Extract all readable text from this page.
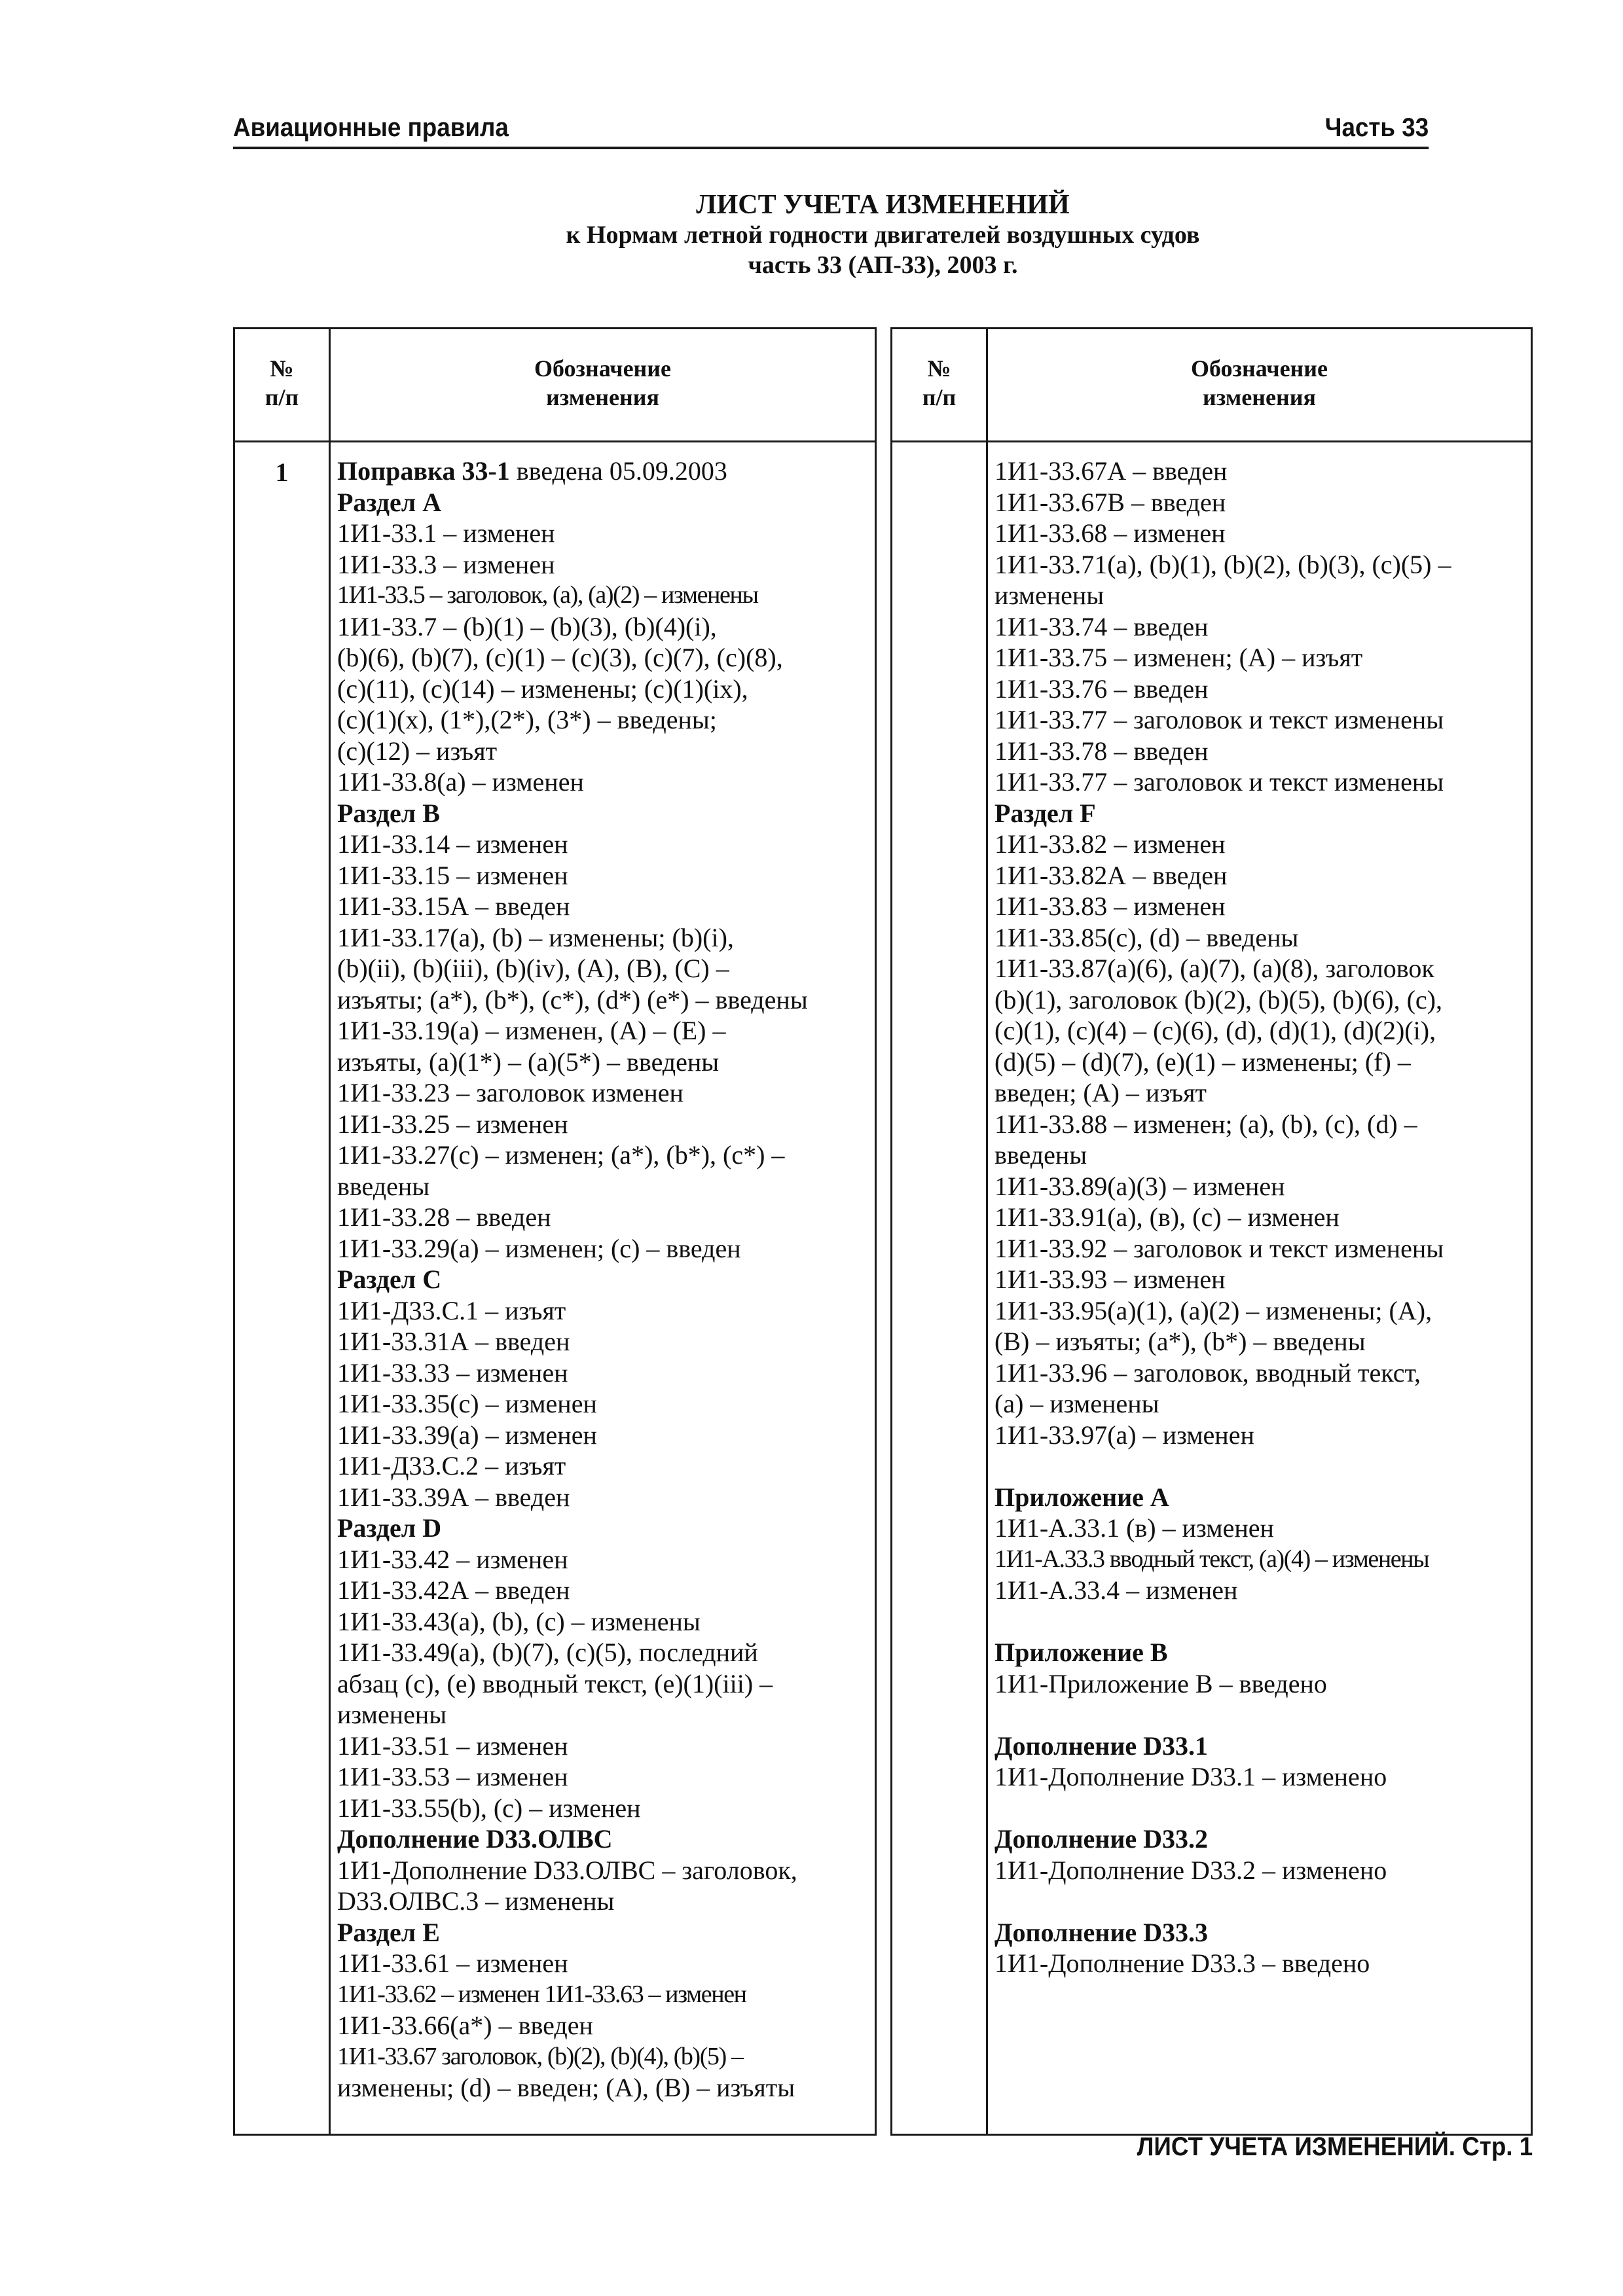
Авиационные правила	Часть 33
ЛИСТ УЧЕТА ИЗМЕНЕНИЙ
к Нормам летной годности двигателей воздушных судов
часть 33 (АП-33), 2003 г.
№
п/п
Обозначение
изменения
1	Поправка 33-1 введена 05.09.2003
Раздел A
1И1-33.1 – изменен
1И1-33.3 – изменен
1И1-33.5 – заголовок, (a), (a)(2) – изменены
1И1-33.7 – (b)(1) – (b)(3), (b)(4)(i),
(b)(6), (b)(7), (c)(1) – (c)(3), (c)(7), (c)(8),
(c)(11), (c)(14) – изменены; (c)(1)(ix),
(c)(1)(x), (1*),(2*), (3*) – введены;
(c)(12) – изъят
1И1-33.8(a) – изменен
Раздел B
1И1-33.14 – изменен
1И1-33.15 – изменен
1И1-33.15А – введен
1И1-33.17(a), (b) – изменены; (b)(i),
(b)(ii), (b)(iii), (b)(iv), (A), (B), (C) –
изъяты; (a*), (b*), (c*), (d*) (e*) – введены
1И1-33.19(a) – изменен, (A) – (E) –
изъяты, (a)(1*) – (a)(5*) – введены
1И1-33.23 – заголовок изменен
1И1-33.25 – изменен
1И1-33.27(c) – изменен; (a*), (b*), (c*) –
введены
1И1-33.28 – введен
1И1-33.29(a) – изменен; (c) – введен
Раздел C
1И1-Д33.С.1 – изъят
1И1-33.31А – введен
1И1-33.33 – изменен
1И1-33.35(c) – изменен
1И1-33.39(a) – изменен
1И1-Д33.С.2 – изъят
1И1-33.39А – введен
Раздел D
1И1-33.42 – изменен
1И1-33.42А – введен
1И1-33.43(a), (b), (c) – изменены
1И1-33.49(a), (b)(7), (c)(5), последний
абзац (c), (e) вводный текст, (e)(1)(iii) –
изменены
1И1-33.51 – изменен
1И1-33.53 – изменен
1И1-33.55(b), (c) – изменен
Дополнение D33.ОЛВС
1И1-Дополнение D33.ОЛВС – заголовок,
D33.ОЛВС.3 – изменены
Раздел E
1И1-33.61 – изменен
1И1-33.62 – изменен 1И1-33.63 – изменен
1И1-33.66(a*) – введен
1И1-33.67 заголовок, (b)(2), (b)(4), (b)(5) –
изменены; (d) – введен; (A), (B) – изъяты
№
п/п
Обозначение
изменения
1И1-33.67А – введен
1И1-33.67В – введен
1И1-33.68 – изменен
1И1-33.71(a), (b)(1), (b)(2), (b)(3), (c)(5) –
изменены
1И1-33.74 – введен
1И1-33.75 – изменен; (A) – изъят
1И1-33.76 – введен
1И1-33.77 – заголовок и текст изменены
1И1-33.78 – введен
1И1-33.77 – заголовок и текст изменены
Раздел F
1И1-33.82 – изменен
1И1-33.82А – введен
1И1-33.83 – изменен
1И1-33.85(c), (d) – введены
1И1-33.87(a)(6), (a)(7), (a)(8), заголовок
(b)(1), заголовок (b)(2), (b)(5), (b)(6), (c),
(c)(1), (c)(4) – (c)(6), (d), (d)(1), (d)(2)(i),
(d)(5) – (d)(7), (e)(1) – изменены; (f) –
введен; (A) – изъят
1И1-33.88 – изменен; (a), (b), (c), (d) –
введены
1И1-33.89(a)(3) – изменен
1И1-33.91(a), (в), (c) – изменен
1И1-33.92 – заголовок и текст изменены
1И1-33.93 – изменен
1И1-33.95(a)(1), (a)(2) – изменены; (A),
(B) – изъяты; (a*), (b*) – введены
1И1-33.96 – заголовок, вводный текст,
(a) – изменены
1И1-33.97(a) – изменен
Приложение А
1И1-А.33.1 (в) – изменен
1И1-А.33.3 вводный текст, (a)(4) – изменены
1И1-А.33.4 – изменен
Приложение B
1И1-Приложение В – введено
Дополнение D33.1
1И1-Дополнение D33.1 – изменено
Дополнение D33.2
1И1-Дополнение D33.2 – изменено
Дополнение D33.3
1И1-Дополнение D33.3 – введено
ЛИСТ УЧЕТА ИЗМЕНЕНИЙ. Стр. 1
